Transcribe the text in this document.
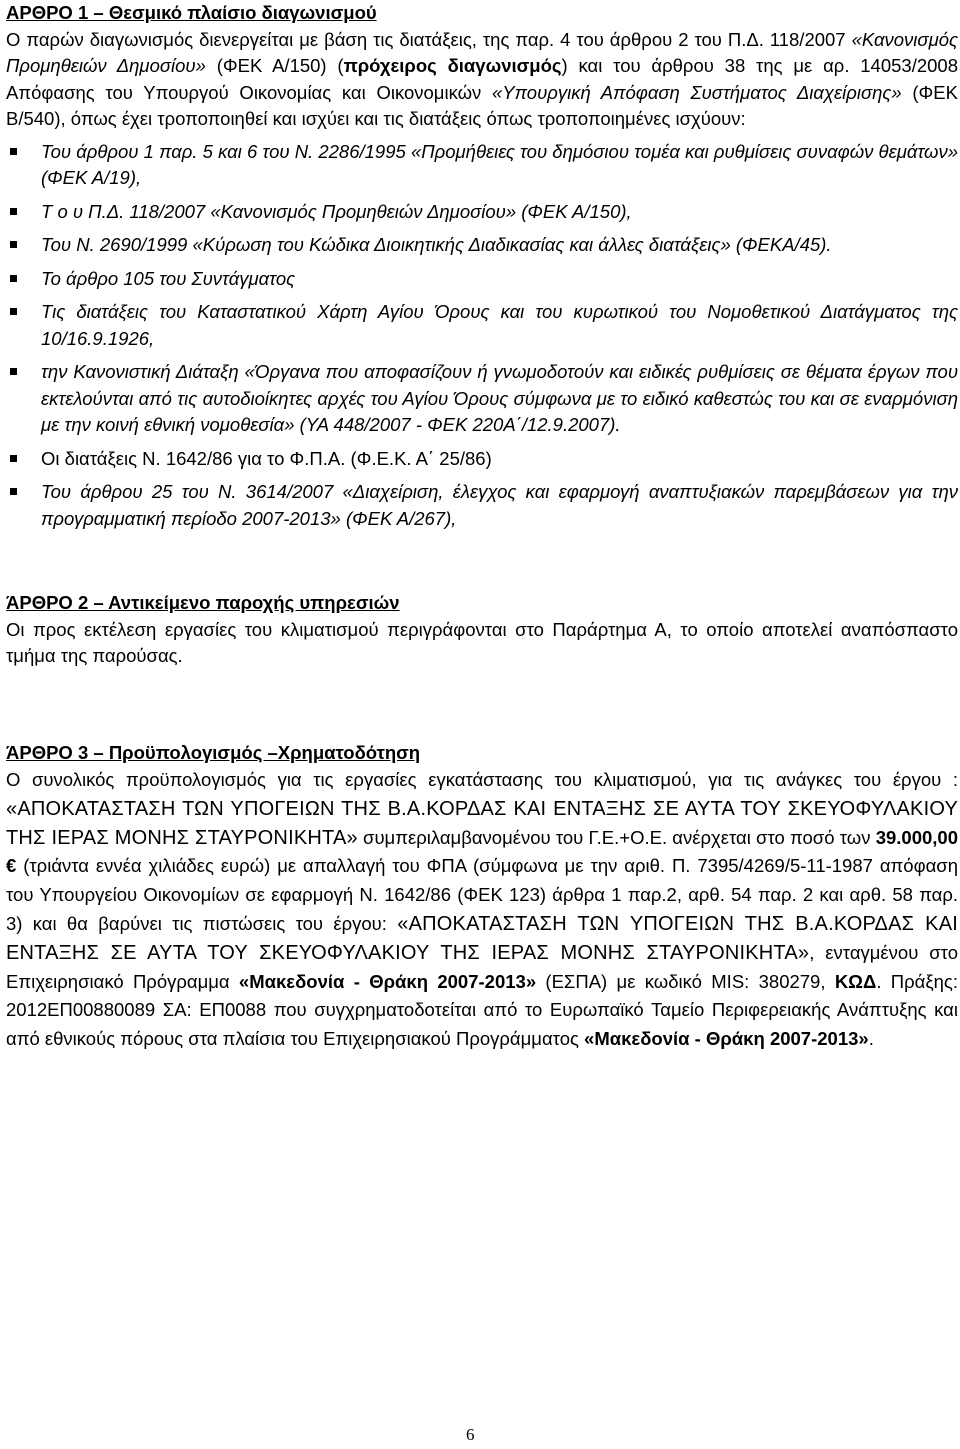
ΑΡΘΡΟ 1 – Θεσμικό πλαίσιο διαγωνισμού

Ο παρών διαγωνισμός διενεργείται με βάση τις διατάξεις, της παρ. 4 του άρθρου 2 του Π.Δ. 118/2007 «Κανονισμός Προμηθειών Δημοσίου» (ΦΕΚ Α/150) (πρόχειρος διαγωνισμός) και του άρθρου 38 της με αρ. 14053/2008 Απόφασης του Υπουργού Οικονομίας και Οικονομικών «Υπουργική Απόφαση Συστήματος Διαχείρισης» (ΦΕΚ Β/540), όπως έχει τροποποιηθεί και ισχύει και τις διατάξεις όπως τροποποιημένες ισχύουν:

Του άρθρου 1 παρ. 5 και 6 του Ν. 2286/1995 «Προμήθειες του δημόσιου τομέα και ρυθμίσεις συναφών θεμάτων» (ΦΕΚ Α/19),
Τ ο υ Π.Δ. 118/2007 «Κανονισμός Προμηθειών Δημοσίου» (ΦΕΚ Α/150),
Του Ν. 2690/1999 «Κύρωση του Κώδικα Διοικητικής Διαδικασίας και άλλες διατάξεις» (ΦΕΚΑ/45).
Το άρθρο 105 του Συντάγματος
Τις διατάξεις του Καταστατικού Χάρτη Αγίου Όρους και του κυρωτικού του Νομοθετικού Διατάγματος της 10/16.9.1926,
την Κανονιστική Διάταξη «Όργανα που αποφασίζουν ή γνωμοδοτούν και ειδικές ρυθμίσεις σε θέματα έργων που εκτελούνται από τις αυτοδιοίκητες αρχές του Αγίου Όρους σύμφωνα με το ειδικό καθεστώς του και σε εναρμόνιση με την κοινή εθνική νομοθεσία» (ΥΑ 448/2007 - ΦΕΚ 220Α΄/12.9.2007).
Οι διατάξεις Ν. 1642/86 για το Φ.Π.Α. (Φ.Ε.Κ. Α΄ 25/86)
Του άρθρου 25 του Ν. 3614/2007 «Διαχείριση, έλεγχος και εφαρμογή αναπτυξιακών παρεμβάσεων για την προγραμματική περίοδο 2007-2013» (ΦΕΚ Α/267),

ΆΡΘΡΟ 2 – Αντικείμενο παροχής υπηρεσιών

Οι προς εκτέλεση εργασίες του κλιματισμού περιγράφονται στο Παράρτημα Α, το οποίο αποτελεί αναπόσπαστο τμήμα της παρούσας.

ΆΡΘΡΟ 3 – Προϋπολογισμός –Χρηματοδότηση

Ο συνολικός προϋπολογισμός για τις εργασίες εγκατάστασης του κλιματισμού, για τις ανάγκες του έργου : «ΑΠΟΚΑΤΑΣΤΑΣΗ ΤΩΝ ΥΠΟΓΕΙΩΝ ΤΗΣ Β.Α.ΚΟΡΔΑΣ ΚΑΙ ΕΝΤΑΞΗΣ ΣΕ ΑΥΤΑ ΤΟΥ ΣΚΕΥΟΦΥΛΑΚΙΟΥ ΤΗΣ ΙΕΡΑΣ ΜΟΝΗΣ ΣΤΑΥΡΟΝΙΚΗΤΑ» συμπεριλαμβανομένου του Γ.Ε.+Ο.Ε. ανέρχεται στο ποσό των 39.000,00 € (τριάντα εννέα χιλιάδες ευρώ) με απαλλαγή του ΦΠΑ (σύμφωνα με την αριθ. Π. 7395/4269/5-11-1987 απόφαση του Υπουργείου Οικονομίων σε εφαρμογή Ν. 1642/86 (ΦΕΚ 123) άρθρα 1 παρ.2, αρθ. 54 παρ. 2 και αρθ. 58 παρ. 3) και θα βαρύνει τις πιστώσεις του έργου: «ΑΠΟΚΑΤΑΣΤΑΣΗ ΤΩΝ ΥΠΟΓΕΙΩΝ ΤΗΣ Β.Α.ΚΟΡΔΑΣ ΚΑΙ ΕΝΤΑΞΗΣ ΣΕ ΑΥΤΑ ΤΟΥ ΣΚΕΥΟΦΥΛΑΚΙΟΥ ΤΗΣ ΙΕΡΑΣ ΜΟΝΗΣ ΣΤΑΥΡΟΝΙΚΗΤΑ», ενταγμένου στο Επιχειρησιακό Πρόγραμμα «Μακεδονία - Θράκη 2007-2013» (ΕΣΠΑ) με κωδικό MIS: 380279, ΚΩΔ. Πράξης: 2012ΕΠ00880089 ΣΑ: ΕΠ0088 που συγχρηματοδοτείται από το Ευρωπαϊκό Ταμείο Περιφερειακής Ανάπτυξης και από εθνικούς πόρους στα πλαίσια του Επιχειρησιακού Προγράμματος «Μακεδονία - Θράκη 2007-2013».

6
